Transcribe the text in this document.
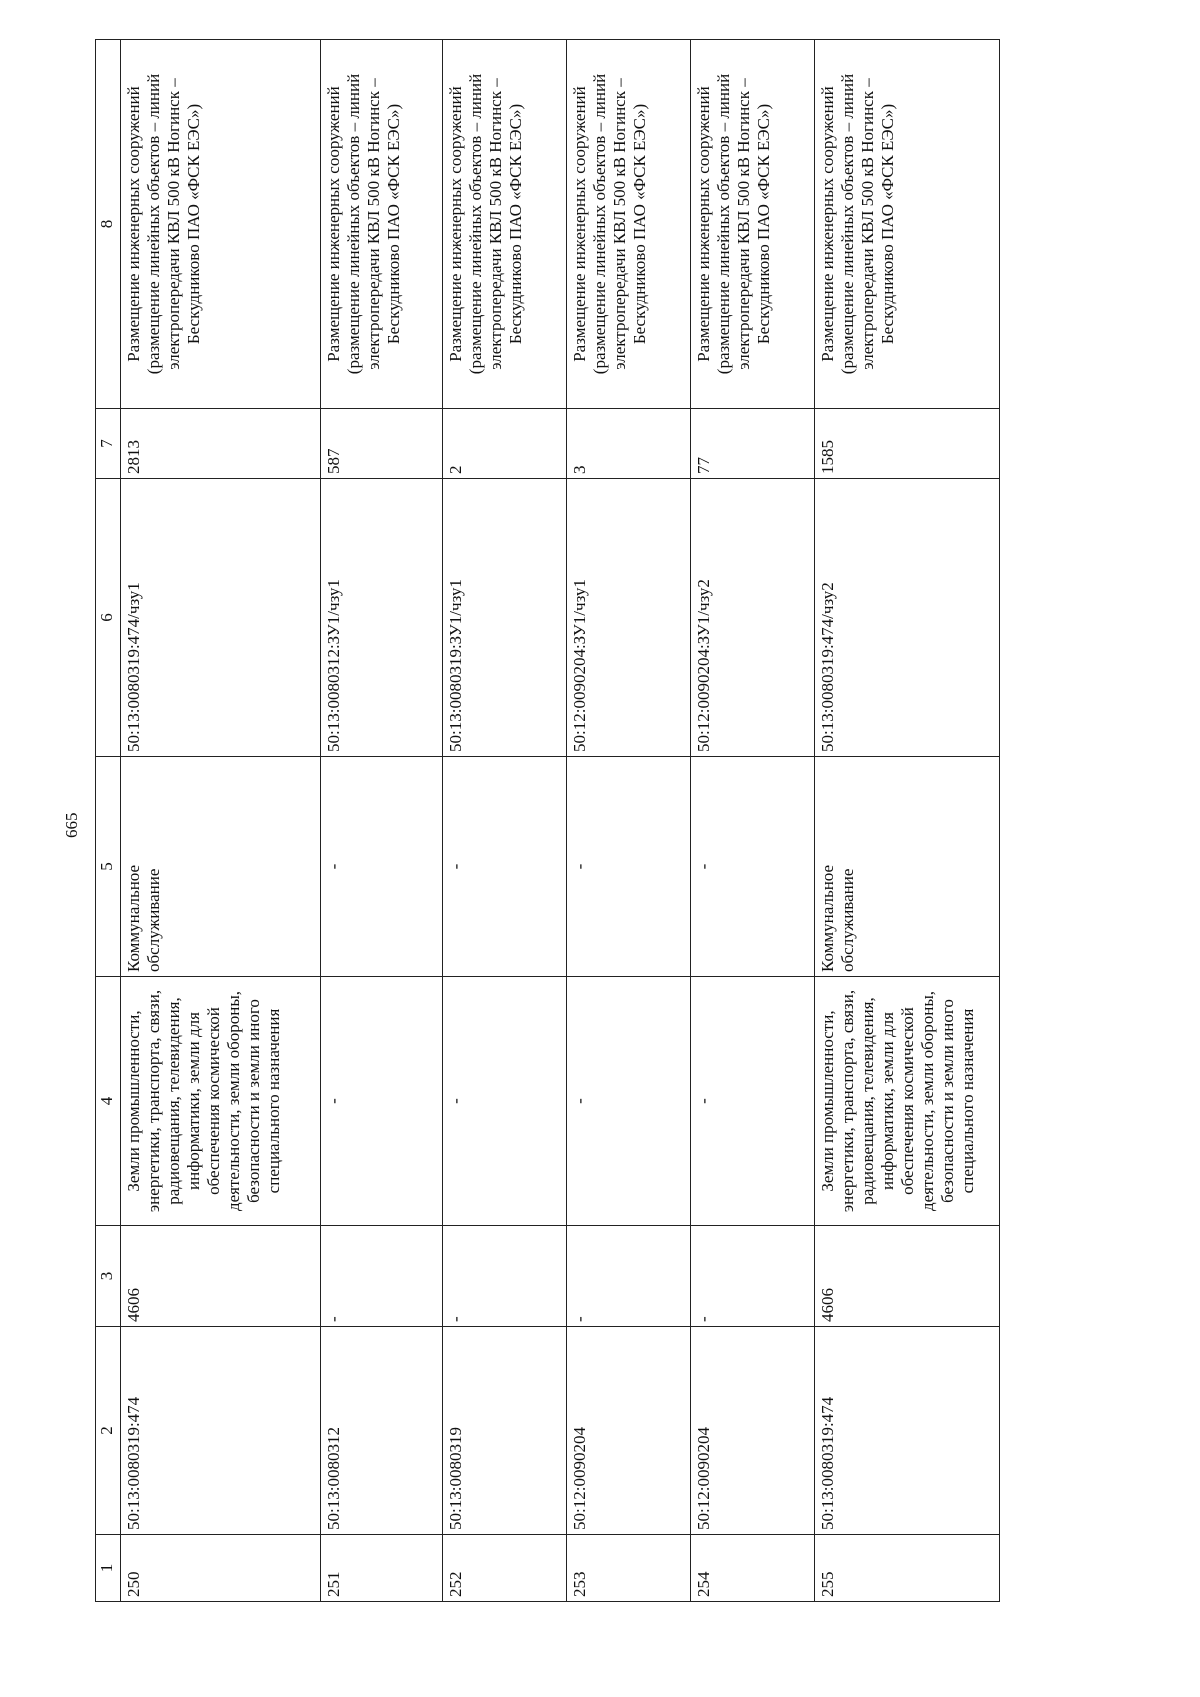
665
1	2	3	4	5	6	7	8
250	50:13:0080319:474	4606	Земли промышленности, энергетики, транспорта, связи, радиовещания, телевидения, информатики, земли для обеспечения космической деятельности, земли обороны, безопасности и земли иного специального назначения	Коммунальное обслуживание	50:13:0080319:474/чзу1	2813	Размещение инженерных сооружений (размещение линейных объектов – линий электропередачи КВЛ 500 кВ Ногинск – Бескудниково ПАО «ФСК ЕЭС»)
251	50:13:0080312	-	-	-	50:13:0080312:ЗУ1/чзу1	587	Размещение инженерных сооружений (размещение линейных объектов – линий электропередачи КВЛ 500 кВ Ногинск – Бескудниково ПАО «ФСК ЕЭС»)
252	50:13:0080319	-	-	-	50:13:0080319:ЗУ1/чзу1	2	Размещение инженерных сооружений (размещение линейных объектов – линий электропередачи КВЛ 500 кВ Ногинск – Бескудниково ПАО «ФСК ЕЭС»)
253	50:12:0090204	-	-	-	50:12:0090204:ЗУ1/чзу1	3	Размещение инженерных сооружений (размещение линейных объектов – линий электропередачи КВЛ 500 кВ Ногинск – Бескудниково ПАО «ФСК ЕЭС»)
254	50:12:0090204	-	-	-	50:12:0090204:ЗУ1/чзу2	77	Размещение инженерных сооружений (размещение линейных объектов – линий электропередачи КВЛ 500 кВ Ногинск – Бескудниково ПАО «ФСК ЕЭС»)
255	50:13:0080319:474	4606	Земли промышленности, энергетики, транспорта, связи, радиовещания, телевидения, информатики, земли для обеспечения космической деятельности, земли обороны, безопасности и земли иного специального назначения	Коммунальное обслуживание	50:13:0080319:474/чзу2	1585	Размещение инженерных сооружений (размещение линейных объектов – линий электропередачи КВЛ 500 кВ Ногинск – Бескудниково ПАО «ФСК ЕЭС»)
